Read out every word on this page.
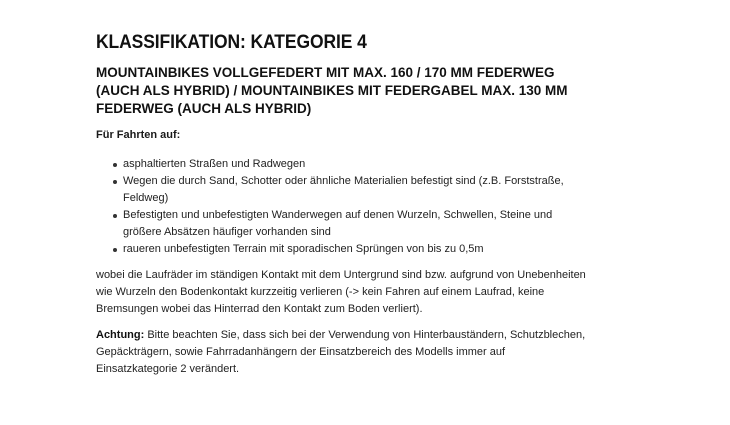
KLASSIFIKATION: KATEGORIE 4
MOUNTAINBIKES VOLLGEFEDERT MIT MAX. 160 / 170 MM FEDERWEG (AUCH ALS HYBRID) / MOUNTAINBIKES MIT FEDERGABEL MAX. 130 MM FEDERWEG (AUCH ALS HYBRID)
Für Fahrten auf:
asphaltierten Straßen und Radwegen
Wegen die durch Sand, Schotter oder ähnliche Materialien befestigt sind (z.B. Forststraße, Feldweg)
Befestigten und unbefestigten Wanderwegen auf denen Wurzeln, Schwellen, Steine und größere Absätzen häufiger vorhanden sind
raueren unbefestigten Terrain mit sporadischen Sprüngen von bis zu 0,5m

wobei die Laufräder im ständigen Kontakt mit dem Untergrund sind bzw. aufgrund von Unebenheiten wie Wurzeln den Bodenkontakt kurzzeitig verlieren (-> kein Fahren auf einem Laufrad, keine Bremsungen wobei das Hinterrad den Kontakt zum Boden verliert).

Achtung: Bitte beachten Sie, dass sich bei der Verwendung von Hinterbauständern, Schutzblechen, Gepäckträgern, sowie Fahrradanhängern der Einsatzbereich des Modells immer auf Einsatzkategorie 2 verändert.
